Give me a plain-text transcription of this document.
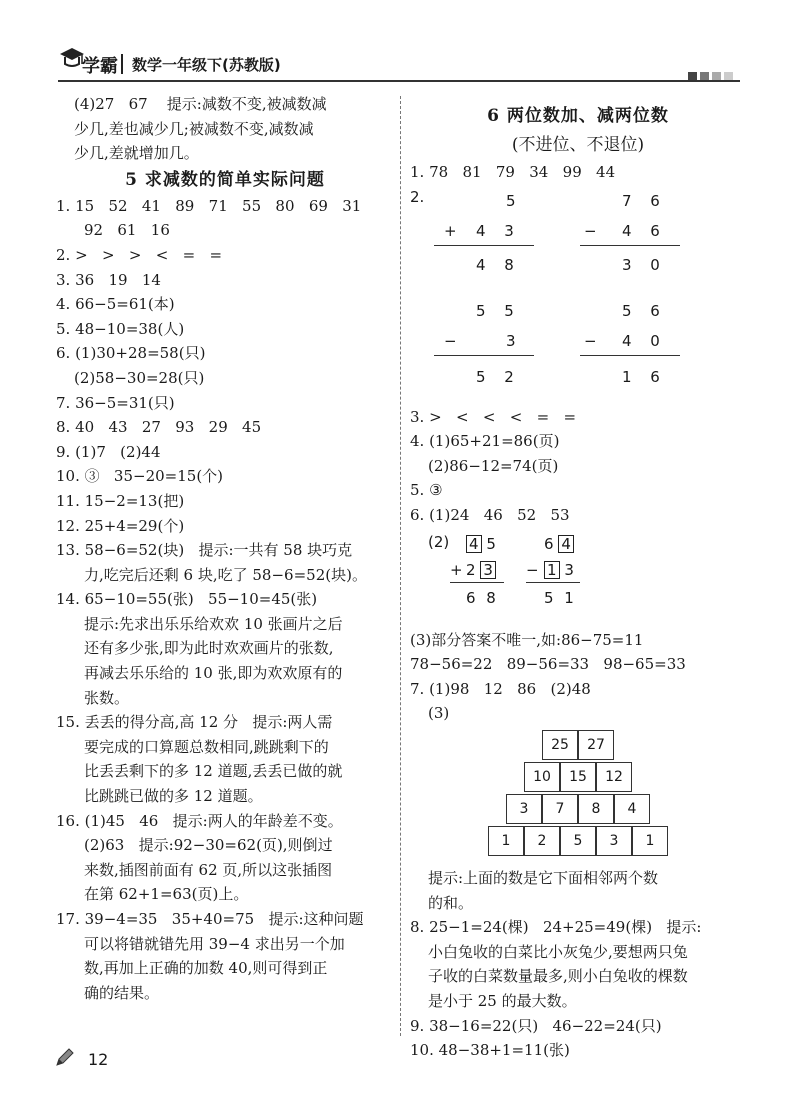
学霸 数学一年级下(苏教版)
(4)27   67    提示:减数不变,被减数减
少几,差也减少几;被减数不变,减数减
少几,差就增加几。
5 求减数的简单实际问题
1. 15   52   41   89   71   55   80   69   31
92   61   16
2. >   >   >   <   =   =
3. 36   19   14
4. 66−5=61(本)
5. 48−10=38(人)
6. (1)30+28=58(只)
(2)58−30=28(只)
7. 36−5=31(只)
8. 40   43   27   93   29   45
9. (1)7   (2)44
10. ③   35−20=15(个)
11. 15−2=13(把)
12. 25+4=29(个)
13. 58−6=52(块)   提示:一共有 58 块巧克
力,吃完后还剩 6 块,吃了 58−6=52(块)。
14. 65−10=55(张)   55−10=45(张)
提示:先求出乐乐给欢欢 10 张画片之后
还有多少张,即为此时欢欢画片的张数,
再减去乐乐给的 10 张,即为欢欢原有的
张数。
15. 丢丢的得分高,高 12 分   提示:两人需
要完成的口算题总数相同,跳跳剩下的
比丢丢剩下的多 12 道题,丢丢已做的就
比跳跳已做的多 12 道题。
16. (1)45   46   提示:两人的年龄差不变。
(2)63   提示:92−30=62(页),则倒过
来数,插图前面有 62 页,所以这张插图
在第 62+1=63(页)上。
17. 39−4=35   35+40=75   提示:这种问题
可以将错就错先用 39−4 求出另一个加
数,再加上正确的加数 40,则可得到正
确的结果。
6 两位数加、减两位数
(不进位、不退位)
1. 78   81   79   34   99   44
2.	5
+ 4 3
4 8
7 6
− 4 6
3 0
5 5
−	3
5 2
5 6
− 4 0
1 6
3. >   <   <   <   =   =
4. (1)65+21=86(页)
(2)86−12=74(页)
5. ③
6. (1)24   46   52   53
(2) 4 5
+ 2 3
6 8
6 4
− 1 3
5 1
(3)部分答案不唯一,如:86−75=11
78−56=22   89−56=33   98−65=33
7. (1)98   12   86   (2)48
(3)
25	27
10	15	12
3	7	8	4
1	2	5	3	1
提示:上面的数是它下面相邻两个数
的和。
8. 25−1=24(棵)   24+25=49(棵)   提示:
小白兔收的白菜比小灰兔少,要想两只兔
子收的白菜数量最多,则小白兔收的棵数
是小于 25 的最大数。
9. 38−16=22(只)   46−22=24(只)
10. 48−38+1=11(张)
12
